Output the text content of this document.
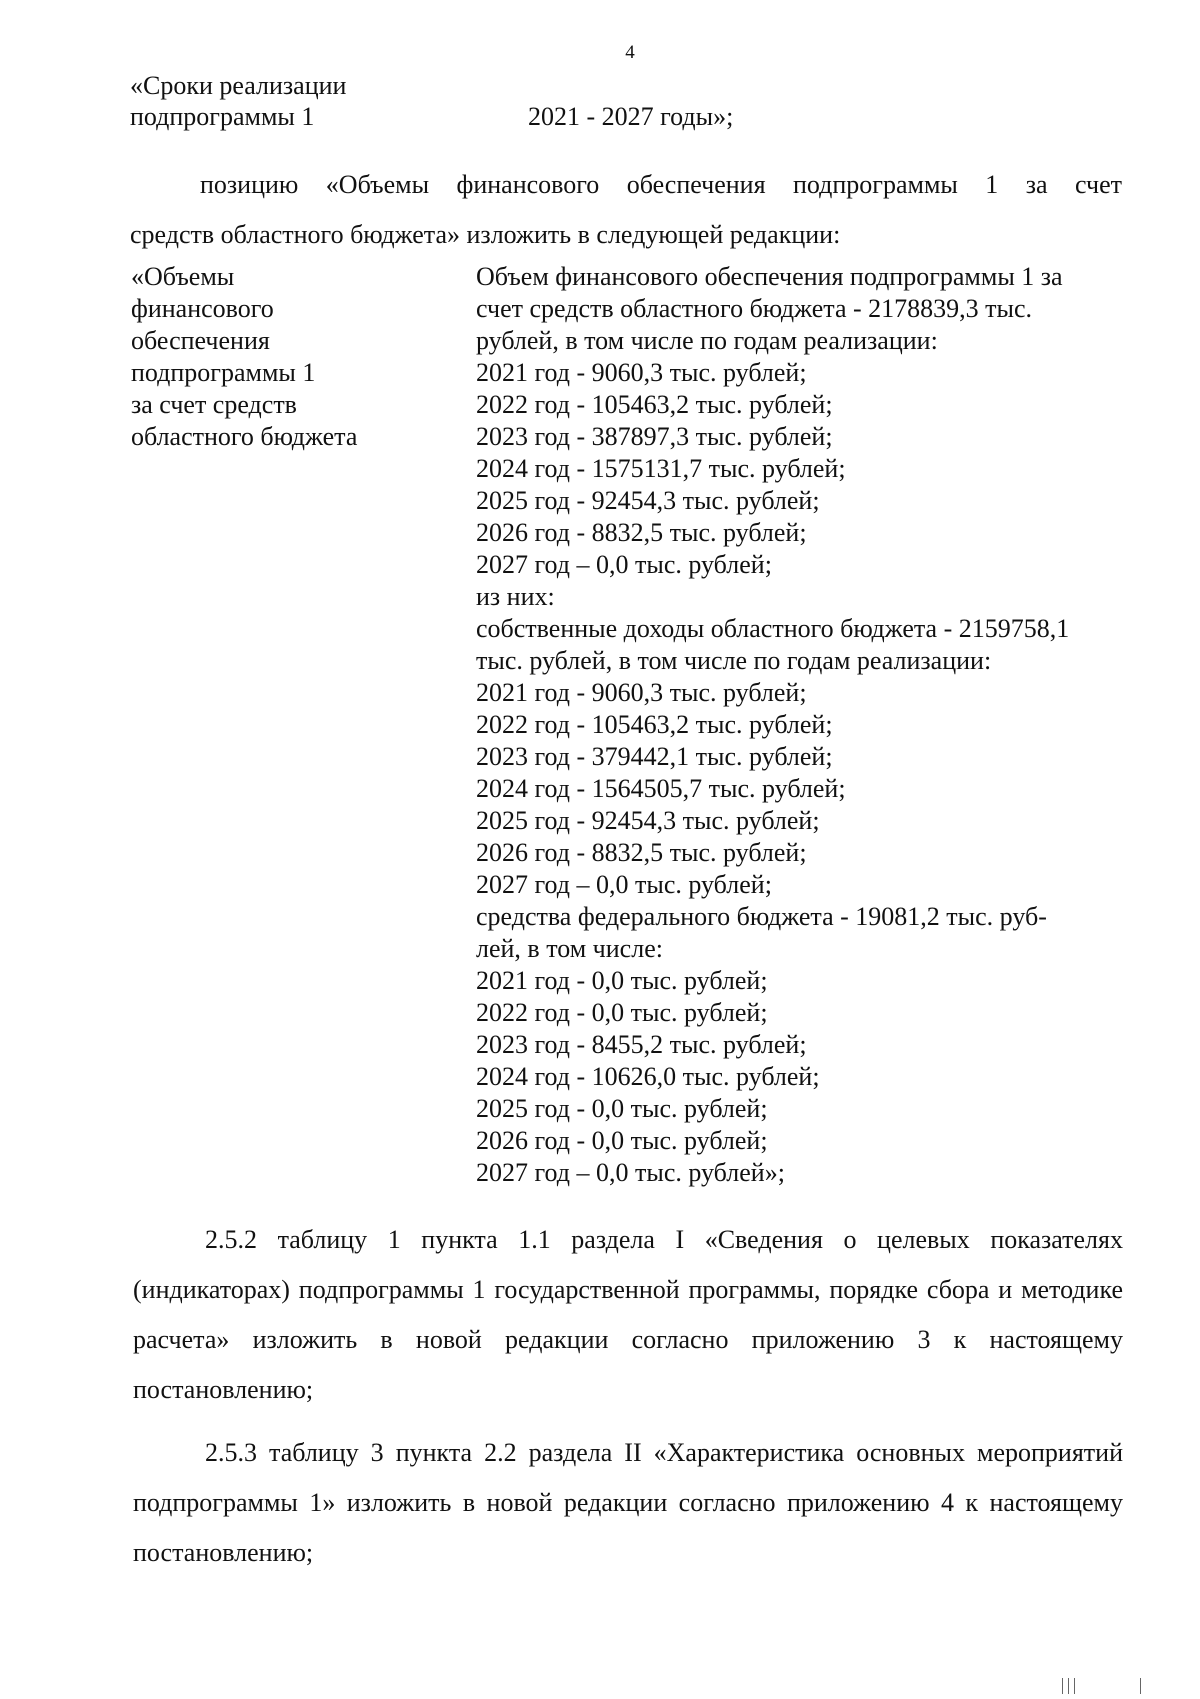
4
«Сроки реализации
подпрограммы 1	2021 - 2027 годы»;
позицию «Объемы финансового обеспечения подпрограммы 1 за счет
средств областного бюджета» изложить в следующей редакции:
«Объемы
финансового
обеспечения
подпрограммы 1
за счет средств
областного бюджета
Объем финансового обеспечения подпрограммы 1 за
счет средств областного бюджета - 2178839,3 тыс.
рублей, в том числе по годам реализации:
2021 год - 9060,3 тыс. рублей;
2022 год - 105463,2 тыс. рублей;
2023 год - 387897,3 тыс. рублей;
2024 год - 1575131,7 тыс. рублей;
2025 год - 92454,3 тыс. рублей;
2026 год - 8832,5 тыс. рублей;
2027 год – 0,0 тыс. рублей;
из них:
собственные доходы областного бюджета - 2159758,1
тыс. рублей, в том числе по годам реализации:
2021 год - 9060,3 тыс. рублей;
2022 год - 105463,2 тыс. рублей;
2023 год - 379442,1 тыс. рублей;
2024 год - 1564505,7 тыс. рублей;
2025 год - 92454,3 тыс. рублей;
2026 год - 8832,5 тыс. рублей;
2027 год – 0,0 тыс. рублей;
средства федерального бюджета - 19081,2 тыс. руб-
лей, в том числе:
2021 год - 0,0 тыс. рублей;
2022 год - 0,0 тыс. рублей;
2023 год - 8455,2 тыс. рублей;
2024 год - 10626,0 тыс. рублей;
2025 год - 0,0 тыс. рублей;
2026 год - 0,0 тыс. рублей;
2027 год – 0,0 тыс. рублей»;
2.5.2 таблицу 1 пункта 1.1 раздела I «Сведения о целевых показателях (индикаторах) подпрограммы 1 государственной программы, порядке сбора и методике расчета» изложить в новой редакции согласно приложению 3 к настоящему постановлению;
2.5.3 таблицу 3 пункта 2.2 раздела II «Характеристика основных мероприятий подпрограммы 1» изложить в новой редакции согласно приложению 4 к настоящему постановлению;
